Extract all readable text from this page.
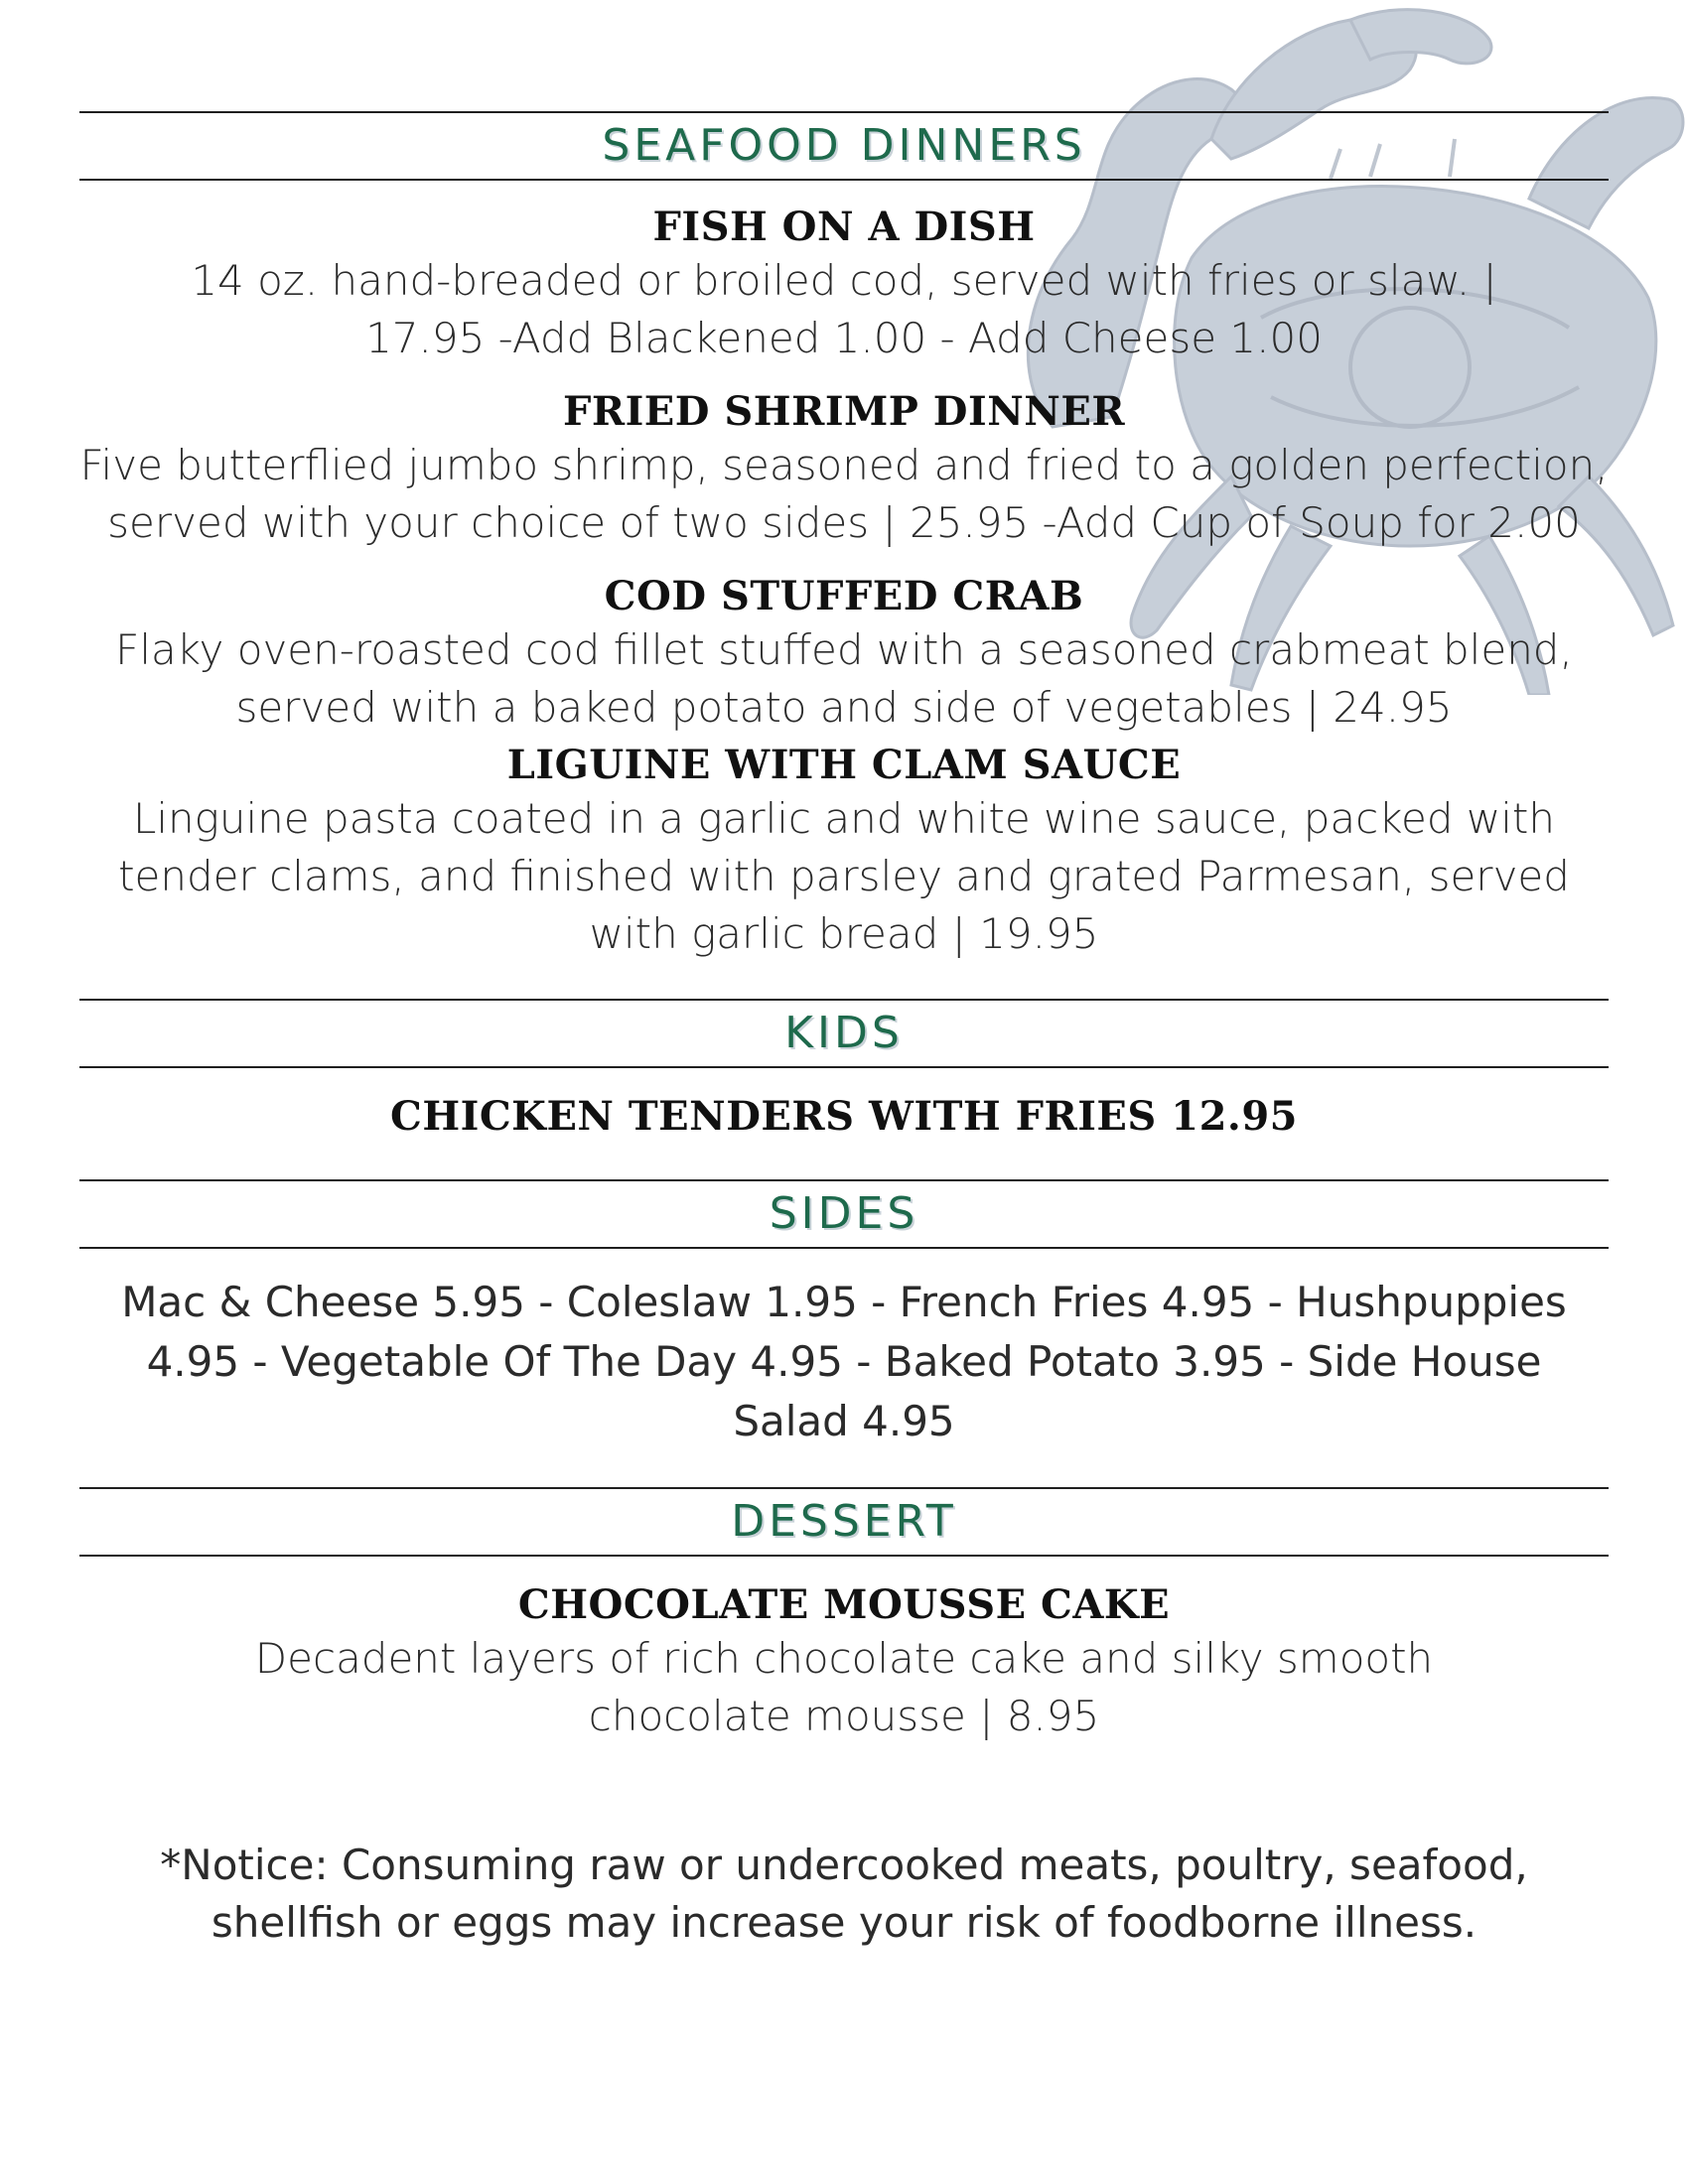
SEAFOOD DINNERS
FISH ON A DISH
14 oz. hand-breaded or broiled cod, served with fries or slaw. | 17.95 -Add Blackened 1.00 - Add Cheese 1.00
FRIED SHRIMP DINNER
Five butterflied jumbo shrimp, seasoned and fried to a golden perfection, served with your choice of two sides | 25.95 -Add Cup of Soup for 2.00
COD STUFFED CRAB
Flaky oven-roasted cod fillet stuffed with a seasoned crabmeat blend, served with a baked potato and side of vegetables | 24.95
LIGUINE WITH CLAM SAUCE
Linguine pasta coated in a garlic and white wine sauce, packed with tender clams, and finished with parsley and grated Parmesan, served with garlic bread | 19.95
KIDS
CHICKEN TENDERS WITH FRIES 12.95
SIDES
Mac & Cheese 5.95 - Coleslaw 1.95 - French Fries 4.95 - Hushpuppies 4.95 - Vegetable Of The Day 4.95 - Baked Potato 3.95 - Side House Salad 4.95
DESSERT
CHOCOLATE MOUSSE CAKE
Decadent layers of rich chocolate cake and silky smooth chocolate mousse | 8.95
*Notice: Consuming raw or undercooked meats, poultry, seafood, shellfish or eggs may increase your risk of foodborne illness.
